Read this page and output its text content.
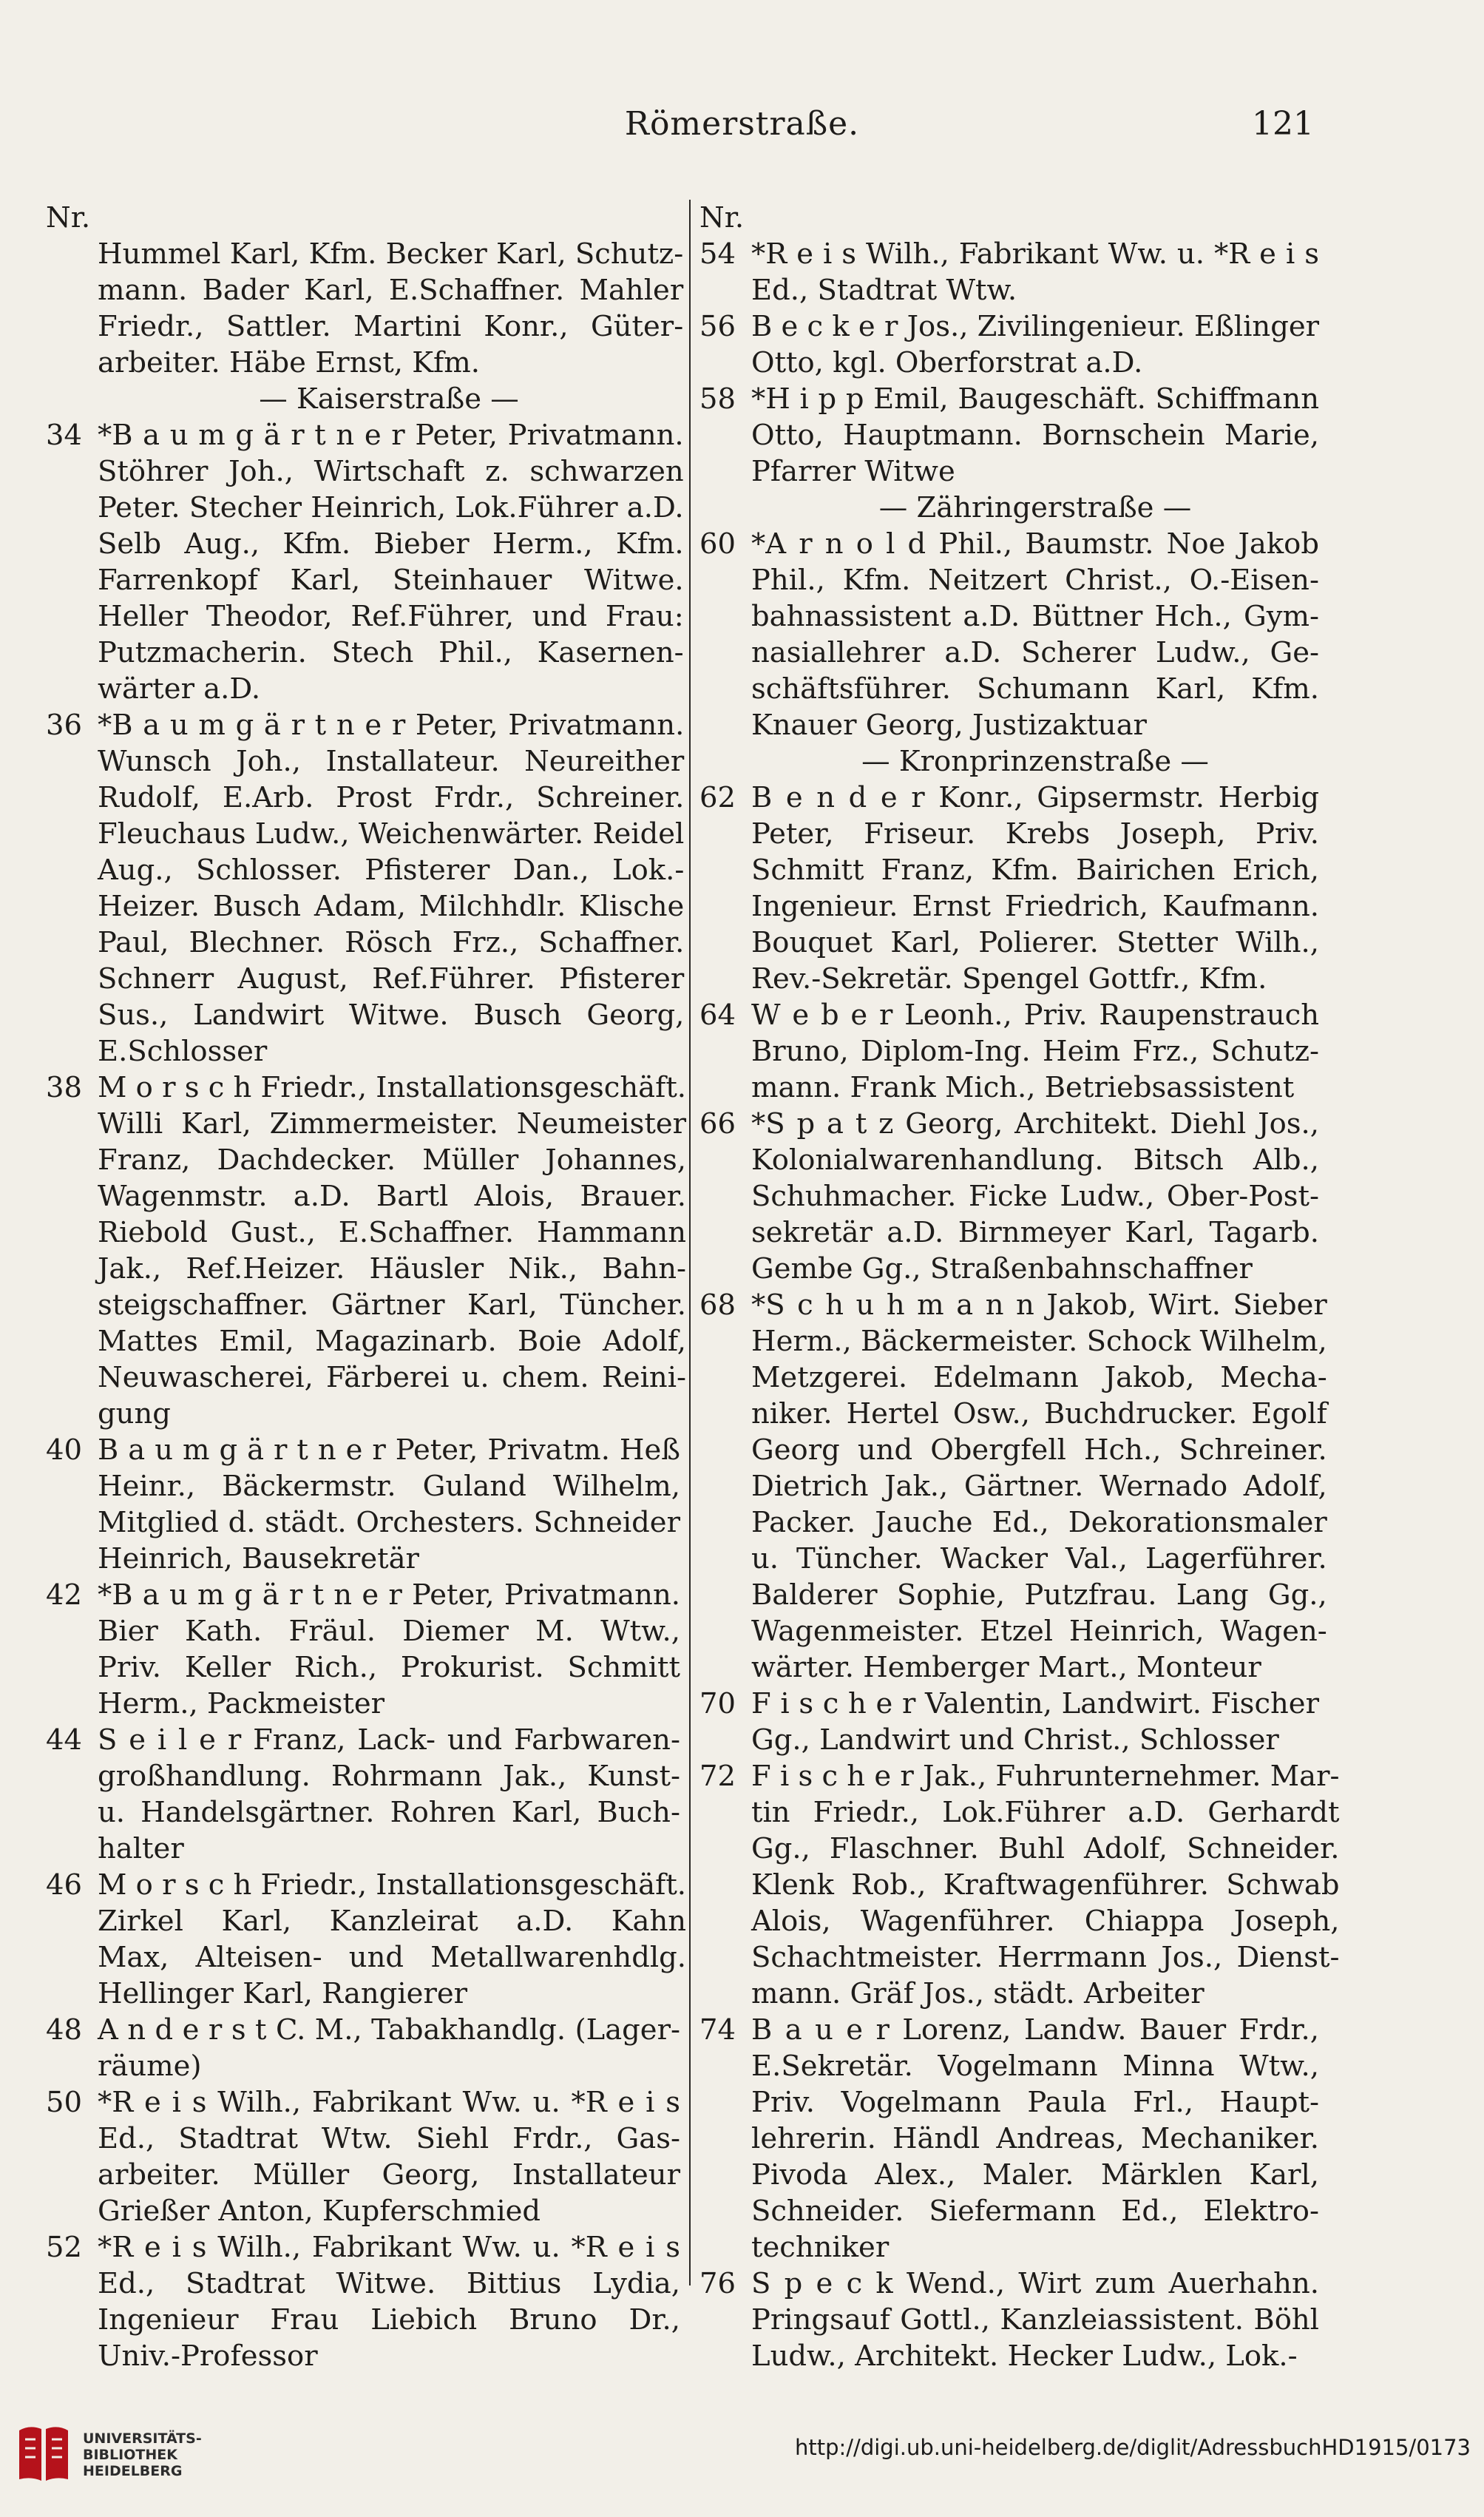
Römerstraße.	121
Nr.
Hummel Karl, Kfm. Becker Karl, Schutz-
mann. Bader Karl, E.Schaffner. Mahler
Friedr., Sattler. Martini Konr., Güter-
arbeiter. Häbe Ernst, Kfm.
— Kaiserstraße —
34 *B a u m g ä r t n e r Peter, Privatmann.
Stöhrer Joh., Wirtschaft z. schwarzen
Peter. Stecher Heinrich, Lok.Führer a.D.
Selb Aug., Kfm. Bieber Herm., Kfm.
Farrenkopf Karl, Steinhauer Witwe.
Heller Theodor, Ref.Führer, und Frau:
Putzmacherin. Stech Phil., Kasernen-
wärter a.D.
36 *B a u m g ä r t n e r Peter, Privatmann.
Wunsch Joh., Installateur. Neureither
Rudolf, E.Arb. Prost Frdr., Schreiner.
Fleuchaus Ludw., Weichenwärter. Reidel
Aug., Schlosser. Pfisterer Dan., Lok.-
Heizer. Busch Adam, Milchhdlr. Klische
Paul, Blechner. Rösch Frz., Schaffner.
Schnerr August, Ref.Führer. Pfisterer
Sus., Landwirt Witwe. Busch Georg,
E.Schlosser
38 M o r s c h Friedr., Installationsgeschäft.
Willi Karl, Zimmermeister. Neumeister
Franz, Dachdecker. Müller Johannes,
Wagenmstr. a.D. Bartl Alois, Brauer.
Riebold Gust., E.Schaffner. Hammann
Jak., Ref.Heizer. Häusler Nik., Bahn-
steigschaffner. Gärtner Karl, Tüncher.
Mattes Emil, Magazinarb. Boie Adolf,
Neuwascherei, Färberei u. chem. Reini-
gung
40 B a u m g ä r t n e r Peter, Privatm. Heß
Heinr., Bäckermstr. Guland Wilhelm,
Mitglied d. städt. Orchesters. Schneider
Heinrich, Bausekretär
42 *B a u m g ä r t n e r Peter, Privatmann.
Bier Kath. Fräul. Diemer M. Wtw.,
Priv. Keller Rich., Prokurist. Schmitt
Herm., Packmeister
44 S e i l e r Franz, Lack- und Farbwaren-
großhandlung. Rohrmann Jak., Kunst-
u. Handelsgärtner. Rohren Karl, Buch-
halter
46 M o r s c h Friedr., Installationsgeschäft.
Zirkel Karl, Kanzleirat a.D. Kahn
Max, Alteisen- und Metallwarenhdlg.
Hellinger Karl, Rangierer
48 A n d e r s t C. M., Tabakhandlg. (Lager-
räume)
50 *R e i s Wilh., Fabrikant Ww. u. *R e i s
Ed., Stadtrat Wtw. Siehl Frdr., Gas-
arbeiter. Müller Georg, Installateur
Grießer Anton, Kupferschmied
52 *R e i s Wilh., Fabrikant Ww. u. *R e i s
Ed., Stadtrat Witwe. Bittius Lydia,
Ingenieur Frau Liebich Bruno Dr.,
Univ.-Professor
Nr.
54 *R e i s Wilh., Fabrikant Ww. u. *R e i s
Ed., Stadtrat Wtw.
56 B e c k e r Jos., Zivilingenieur. Eßlinger
Otto, kgl. Oberforstrat a.D.
58 *H i p p Emil, Baugeschäft. Schiffmann
Otto, Hauptmann. Bornschein Marie,
Pfarrer Witwe
— Zähringerstraße —
60 *A r n o l d Phil., Baumstr. Noe Jakob
Phil., Kfm. Neitzert Christ., O.-Eisen-
bahnassistent a.D. Büttner Hch., Gym-
nasiallehrer a.D. Scherer Ludw., Ge-
schäftsführer. Schumann Karl, Kfm.
Knauer Georg, Justizaktuar
— Kronprinzenstraße —
62 B e n d e r Konr., Gipsermstr. Herbig
Peter, Friseur. Krebs Joseph, Priv.
Schmitt Franz, Kfm. Bairichen Erich,
Ingenieur. Ernst Friedrich, Kaufmann.
Bouquet Karl, Polierer. Stetter Wilh.,
Rev.-Sekretär. Spengel Gottfr., Kfm.
64 W e b e r Leonh., Priv. Raupenstrauch
Bruno, Diplom-Ing. Heim Frz., Schutz-
mann. Frank Mich., Betriebsassistent
66 *S p a t z Georg, Architekt. Diehl Jos.,
Kolonialwarenhandlung. Bitsch Alb.,
Schuhmacher. Ficke Ludw., Ober-Post-
sekretär a.D. Birnmeyer Karl, Tagarb.
Gembe Gg., Straßenbahnschaffner
68 *S c h u h m a n n Jakob, Wirt. Sieber
Herm., Bäckermeister. Schock Wilhelm,
Metzgerei. Edelmann Jakob, Mecha-
niker. Hertel Osw., Buchdrucker. Egolf
Georg und Obergfell Hch., Schreiner.
Dietrich Jak., Gärtner. Wernado Adolf,
Packer. Jauche Ed., Dekorationsmaler
u. Tüncher. Wacker Val., Lagerführer.
Balderer Sophie, Putzfrau. Lang Gg.,
Wagenmeister. Etzel Heinrich, Wagen-
wärter. Hemberger Mart., Monteur
70 F i s c h e r Valentin, Landwirt. Fischer
Gg., Landwirt und Christ., Schlosser
72 F i s c h e r Jak., Fuhrunternehmer. Mar-
tin Friedr., Lok.Führer a.D. Gerhardt
Gg., Flaschner. Buhl Adolf, Schneider.
Klenk Rob., Kraftwagenführer. Schwab
Alois, Wagenführer. Chiappa Joseph,
Schachtmeister. Herrmann Jos., Dienst-
mann. Gräf Jos., städt. Arbeiter
74 B a u e r Lorenz, Landw. Bauer Frdr.,
E.Sekretär. Vogelmann Minna Wtw.,
Priv. Vogelmann Paula Frl., Haupt-
lehrerin. Händl Andreas, Mechaniker.
Pivoda Alex., Maler. Märklen Karl,
Schneider. Siefermann Ed., Elektro-
techniker
76 S p e c k Wend., Wirt zum Auerhahn.
Pringsauf Gottl., Kanzleiassistent. Böhl
Ludw., Architekt. Hecker Ludw., Lok.-
UNIVERSITÄTS-
BIBLIOTHEK
HEIDELBERG
http://digi.ub.uni-heidelberg.de/diglit/AdressbuchHD1915/0173
